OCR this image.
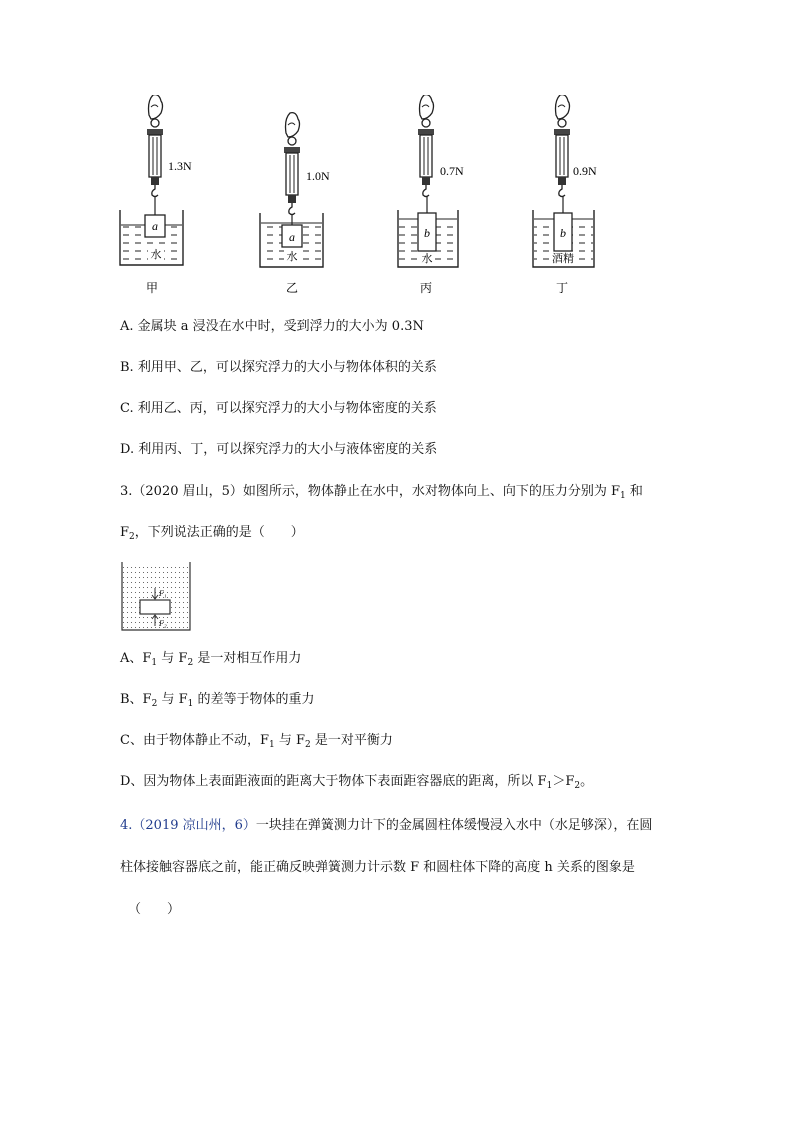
1.3N
a
水
甲
1.0N
a
水
乙
0.7N
b
水
丙
0.9N
b
酒精
丁
A. 金属块 a 浸没在水中时，受到浮力的大小为 0.3N
B. 利用甲、乙，可以探究浮力的大小与物体体积的关系
C. 利用乙、丙，可以探究浮力的大小与物体密度的关系
D. 利用丙、丁，可以探究浮力的大小与液体密度的关系
3.（2020 眉山，5）如图所示，物体静止在水中，水对物体向上、向下的压力分别为 $F_1$ 和
$F_2$，下列说法正确的是（　　）
F₁
F₂
A、$F_1$ 与 $F_2$ 是一对相互作用力
B、$F_2$ 与 $F_1$ 的差等于物体的重力
C、由于物体静止不动，$F_1$ 与 $F_2$ 是一对平衡力
D、因为物体上表面距液面的距离大于物体下表面距容器底的距离，所以 $F_1>F_2$。
4.（2019 凉山州，6）一块挂在弹簧测力计下的金属圆柱体缓慢浸入水中（水足够深），在圆
柱体接触容器底之前，能正确反映弹簧测力计示数 F 和圆柱体下降的高度 h 关系的图象是
（　　）
